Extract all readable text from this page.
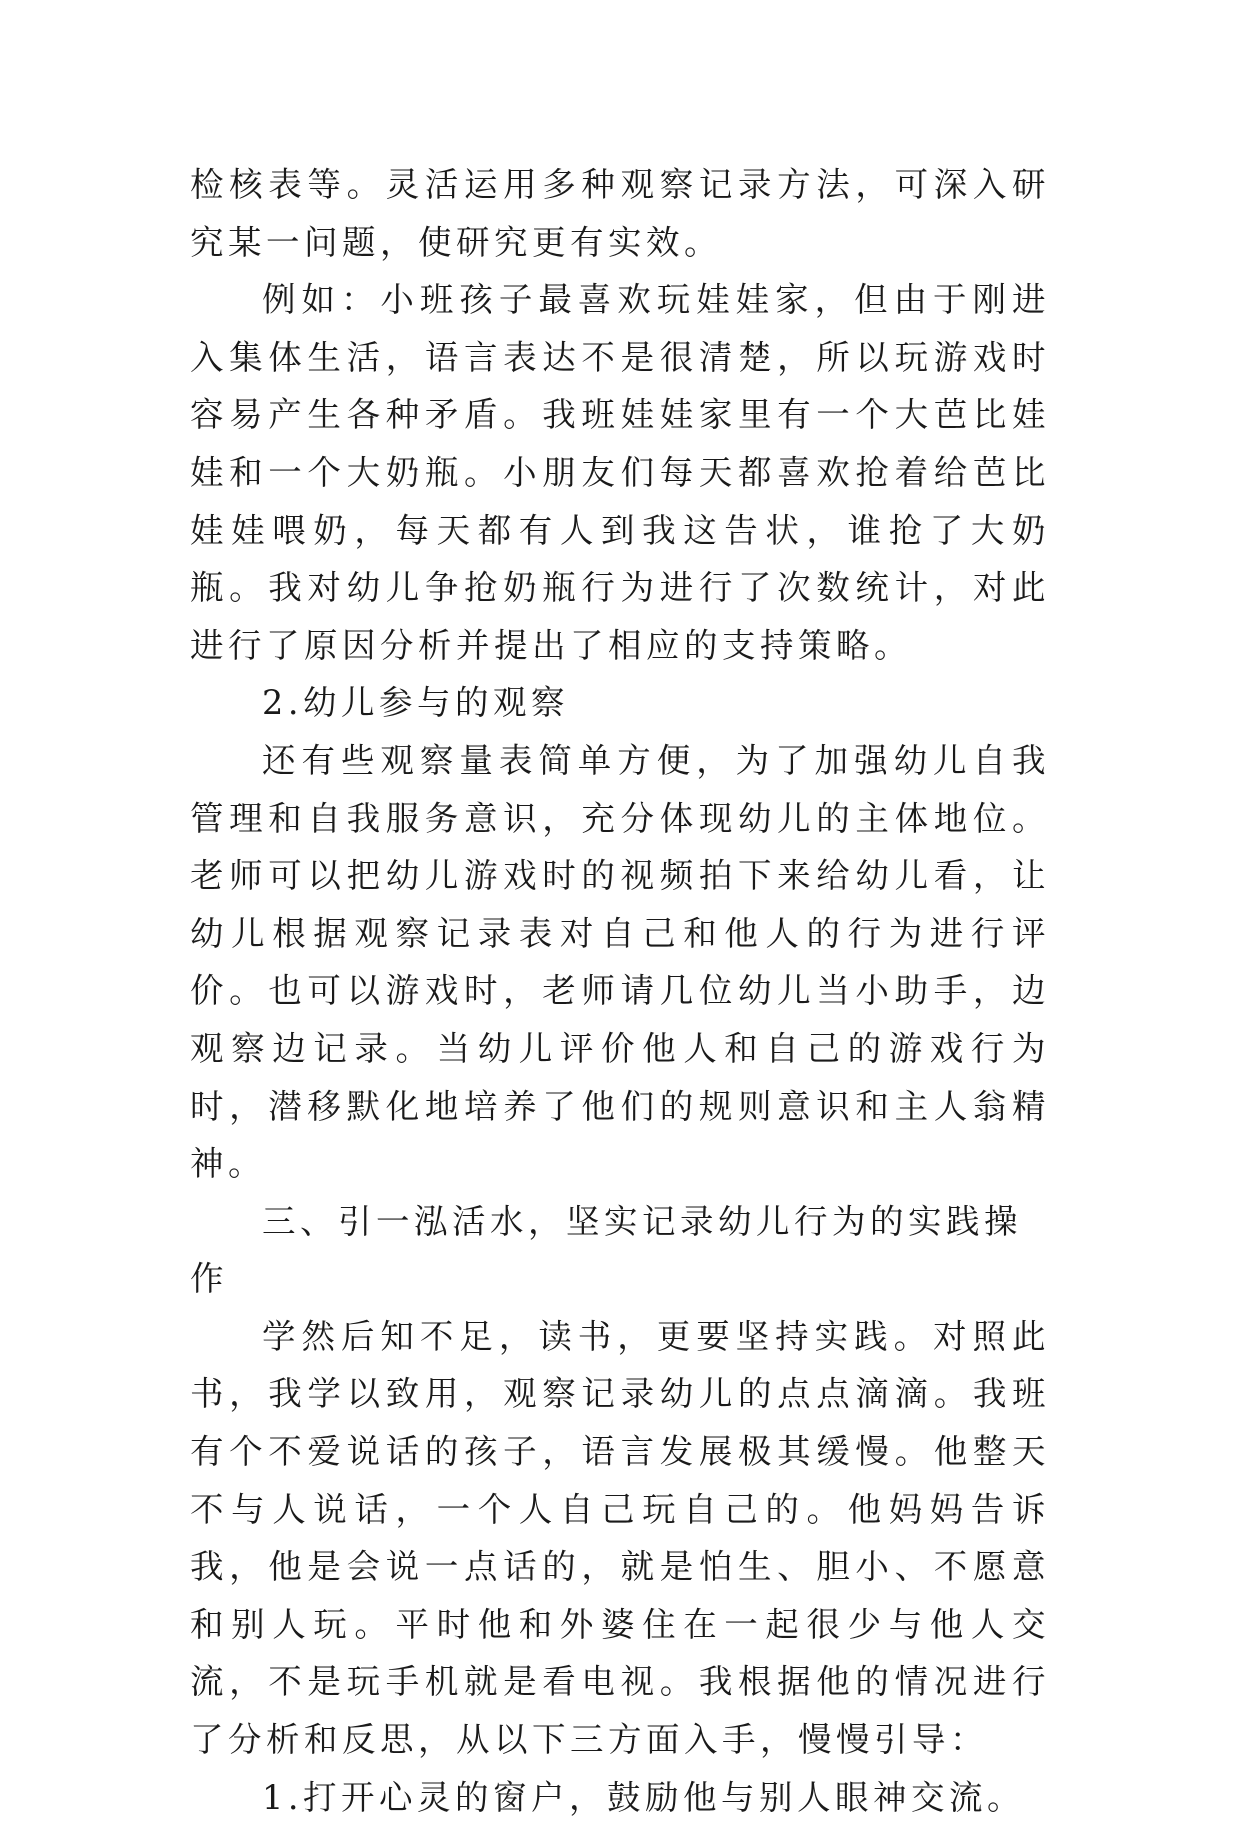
检核表等。灵活运用多种观察记录方法，可深入研究某一问题，使研究更有实效。

例如：小班孩子最喜欢玩娃娃家，但由于刚进入集体生活，语言表达不是很清楚，所以玩游戏时容易产生各种矛盾。我班娃娃家里有一个大芭比娃娃和一个大奶瓶。小朋友们每天都喜欢抢着给芭比娃娃喂奶，每天都有人到我这告状，谁抢了大奶瓶。我对幼儿争抢奶瓶行为进行了次数统计，对此进行了原因分析并提出了相应的支持策略。

2.幼儿参与的观察

还有些观察量表简单方便，为了加强幼儿自我管理和自我服务意识，充分体现幼儿的主体地位。老师可以把幼儿游戏时的视频拍下来给幼儿看，让幼儿根据观察记录表对自己和他人的行为进行评价。也可以游戏时，老师请几位幼儿当小助手，边观察边记录。当幼儿评价他人和自己的游戏行为时，潜移默化地培养了他们的规则意识和主人翁精神。

三、引一泓活水，坚实记录幼儿行为的实践操作

学然后知不足，读书，更要坚持实践。对照此书，我学以致用，观察记录幼儿的点点滴滴。我班有个不爱说话的孩子，语言发展极其缓慢。他整天不与人说话，一个人自己玩自己的。他妈妈告诉我，他是会说一点话的，就是怕生、胆小、不愿意和别人玩。平时他和外婆住在一起很少与他人交流，不是玩手机就是看电视。我根据他的情况进行了分析和反思，从以下三方面入手，慢慢引导：

1.打开心灵的窗户，鼓励他与别人眼神交流。
